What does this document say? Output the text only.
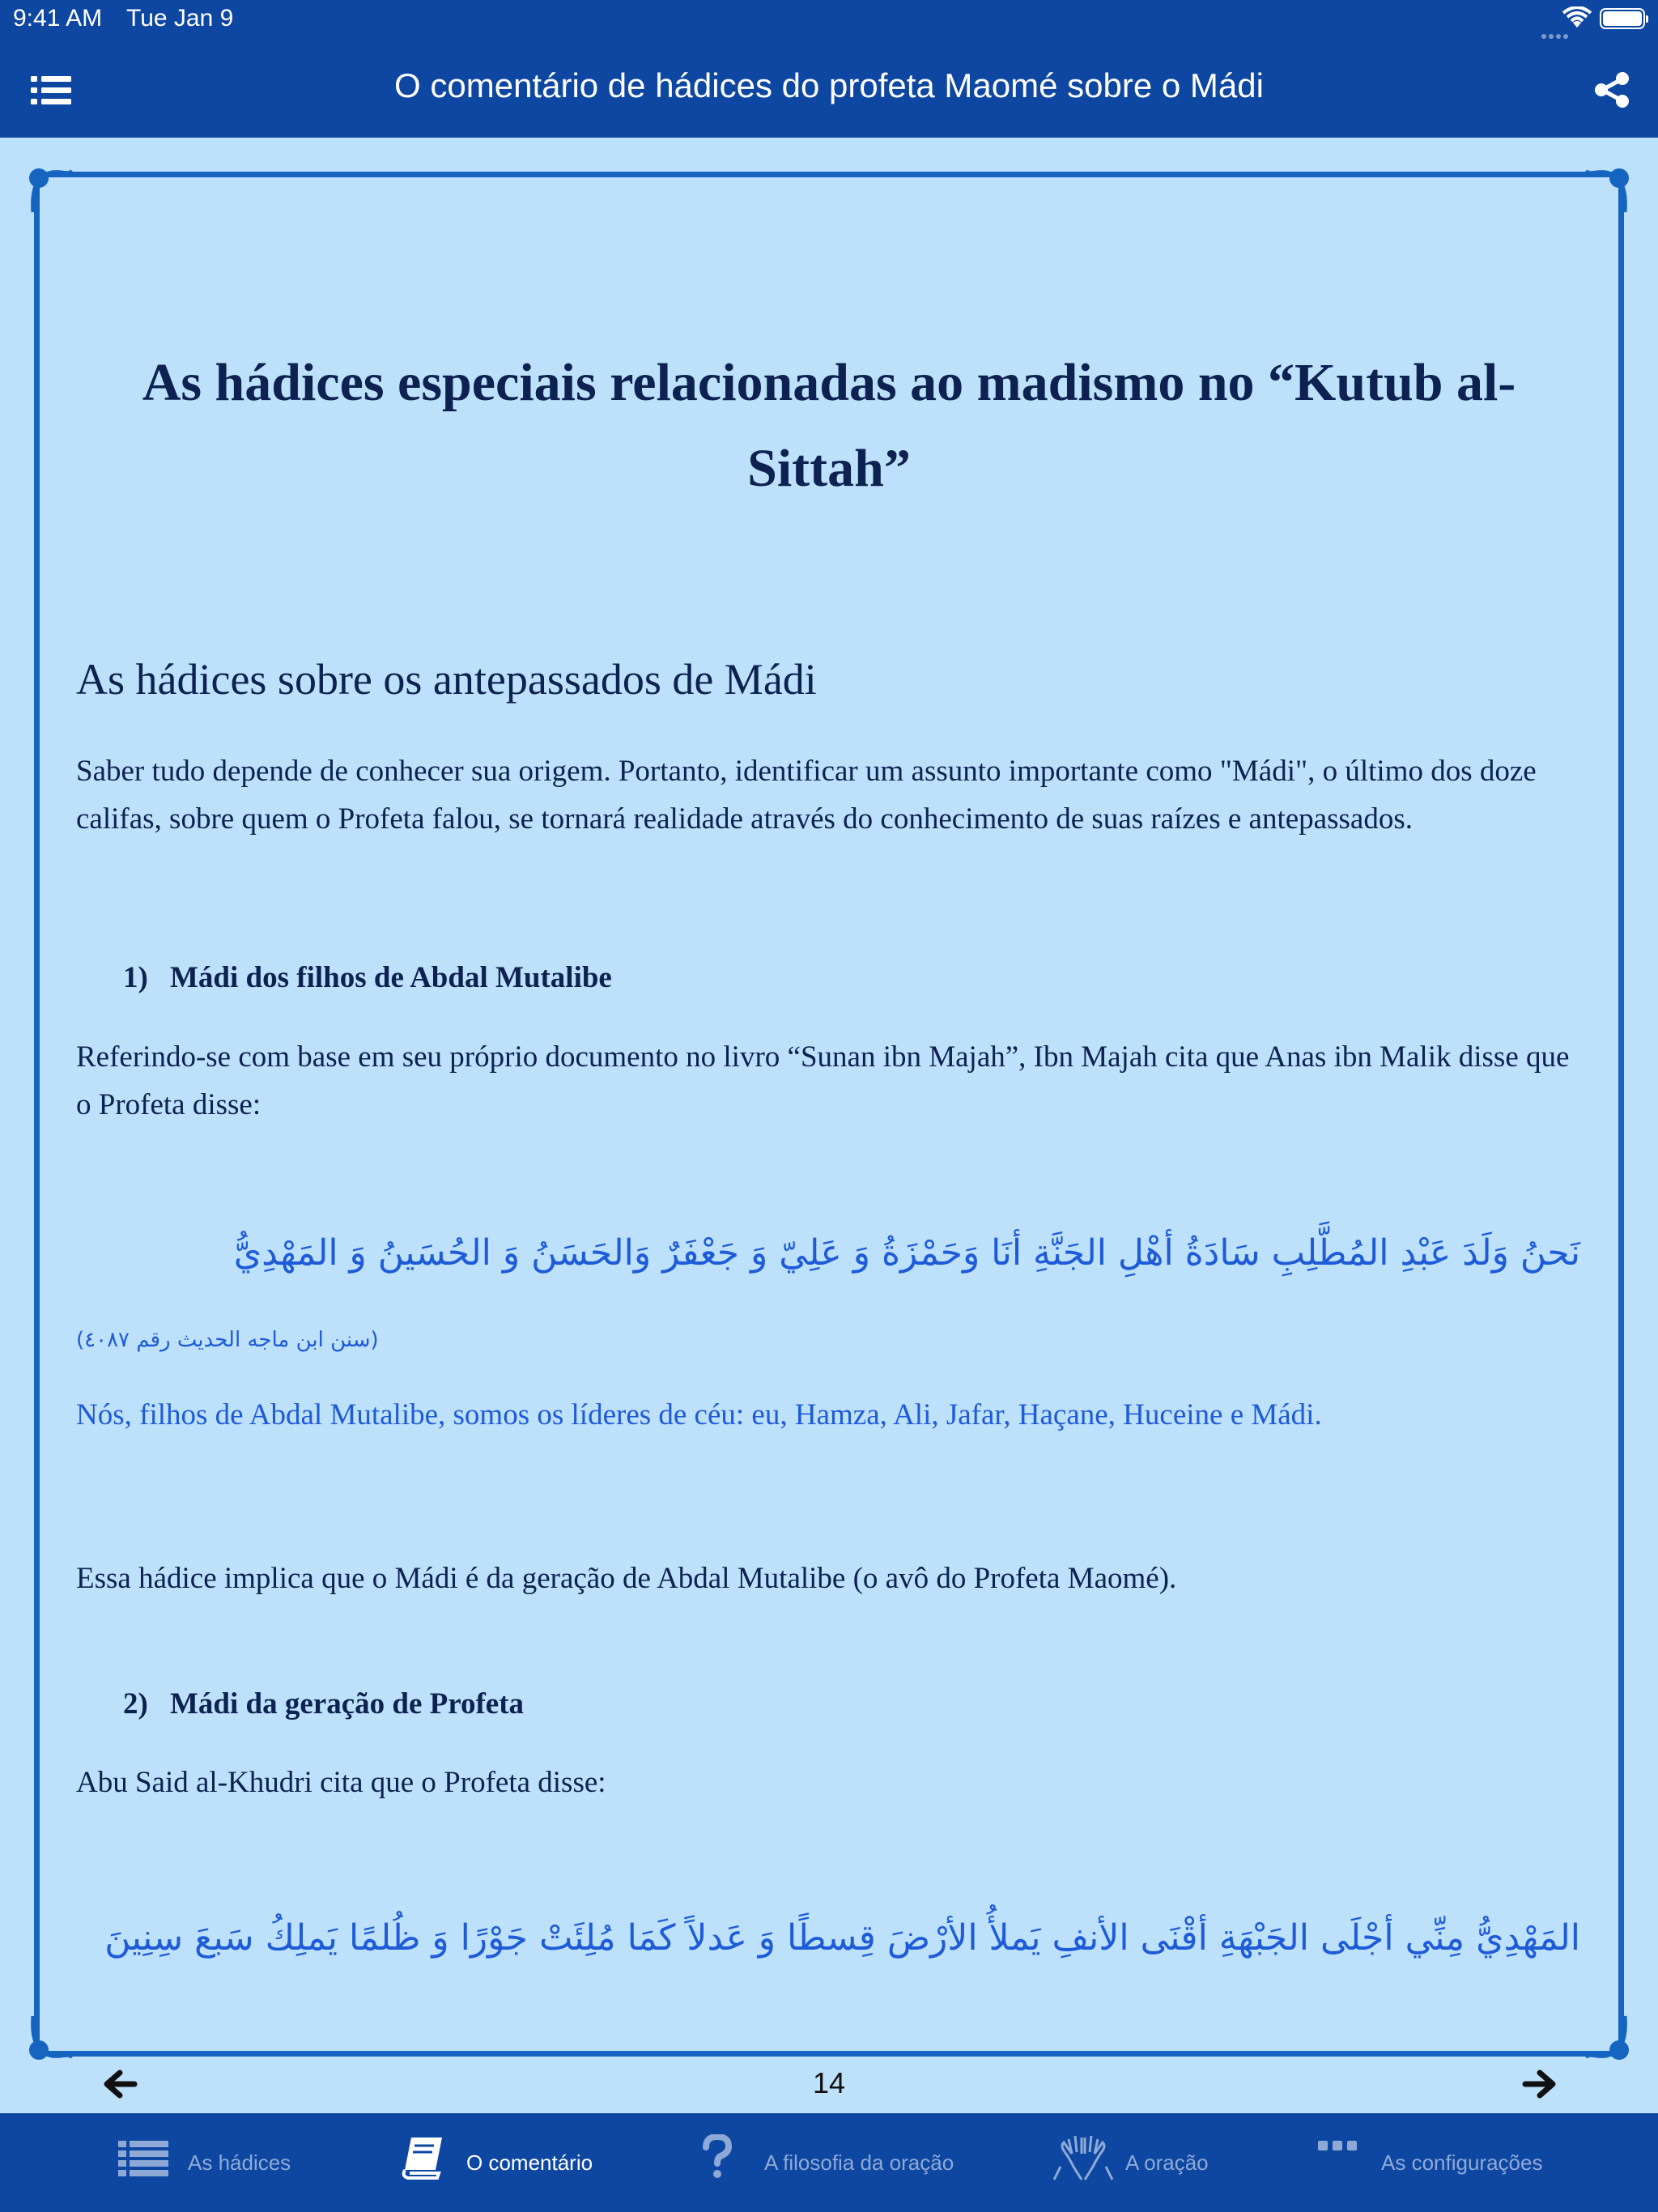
9:41 AM Tue Jan 9
O comentário de hádices do profeta Maomé sobre o Mádi
As hádices especiais relacionadas ao madismo no “Kutub al-Sittah”
As hádices sobre os antepassados de Mádi
Saber tudo depende de conhecer sua origem. Portanto, identificar um assunto importante como "Mádi", o último dos doze califas, sobre quem o Profeta falou, se tornará realidade através do conhecimento de suas raízes e antepassados.
1) Mádi dos filhos de Abdal Mutalibe
Referindo-se com base em seu próprio documento no livro “Sunan ibn Majah”, Ibn Majah cita que Anas ibn Malik disse que o Profeta disse:
نَحنُ وَلَدَ عَبْدِ المُطَّلِبِ سَادَةُ أهْلِ الجَنَّةِ أنَا وَحَمْزَةُ وَ عَلِيّ وَ جَعْفَرٌ وَالحَسَنُ وَ الحُسَينُ وَ المَهْدِيُّ
(سنن ابن ماجه الحديث رقم ٤٠٨٧)
Nós, filhos de Abdal Mutalibe, somos os líderes de céu: eu, Hamza, Ali, Jafar, Haçane, Huceine e Mádi.
Essa hádice implica que o Mádi é da geração de Abdal Mutalibe (o avô do Profeta Maomé).
2) Mádi da geração de Profeta
Abu Said al-Khudri cita que o Profeta disse:
المَهْدِيُّ مِنِّي أجْلَى الجَبْهَةِ أقْنَى الأنفِ يَملأُ الأرْضَ قِسطًا وَ عَدلاً كَمَا مُلِئَتْ جَوْرًا وَ ظُلمًا يَملِكُ سَبعَ سِنِينَ
14
As hádices	O comentário	A filosofia da oração	A oração	As configurações
